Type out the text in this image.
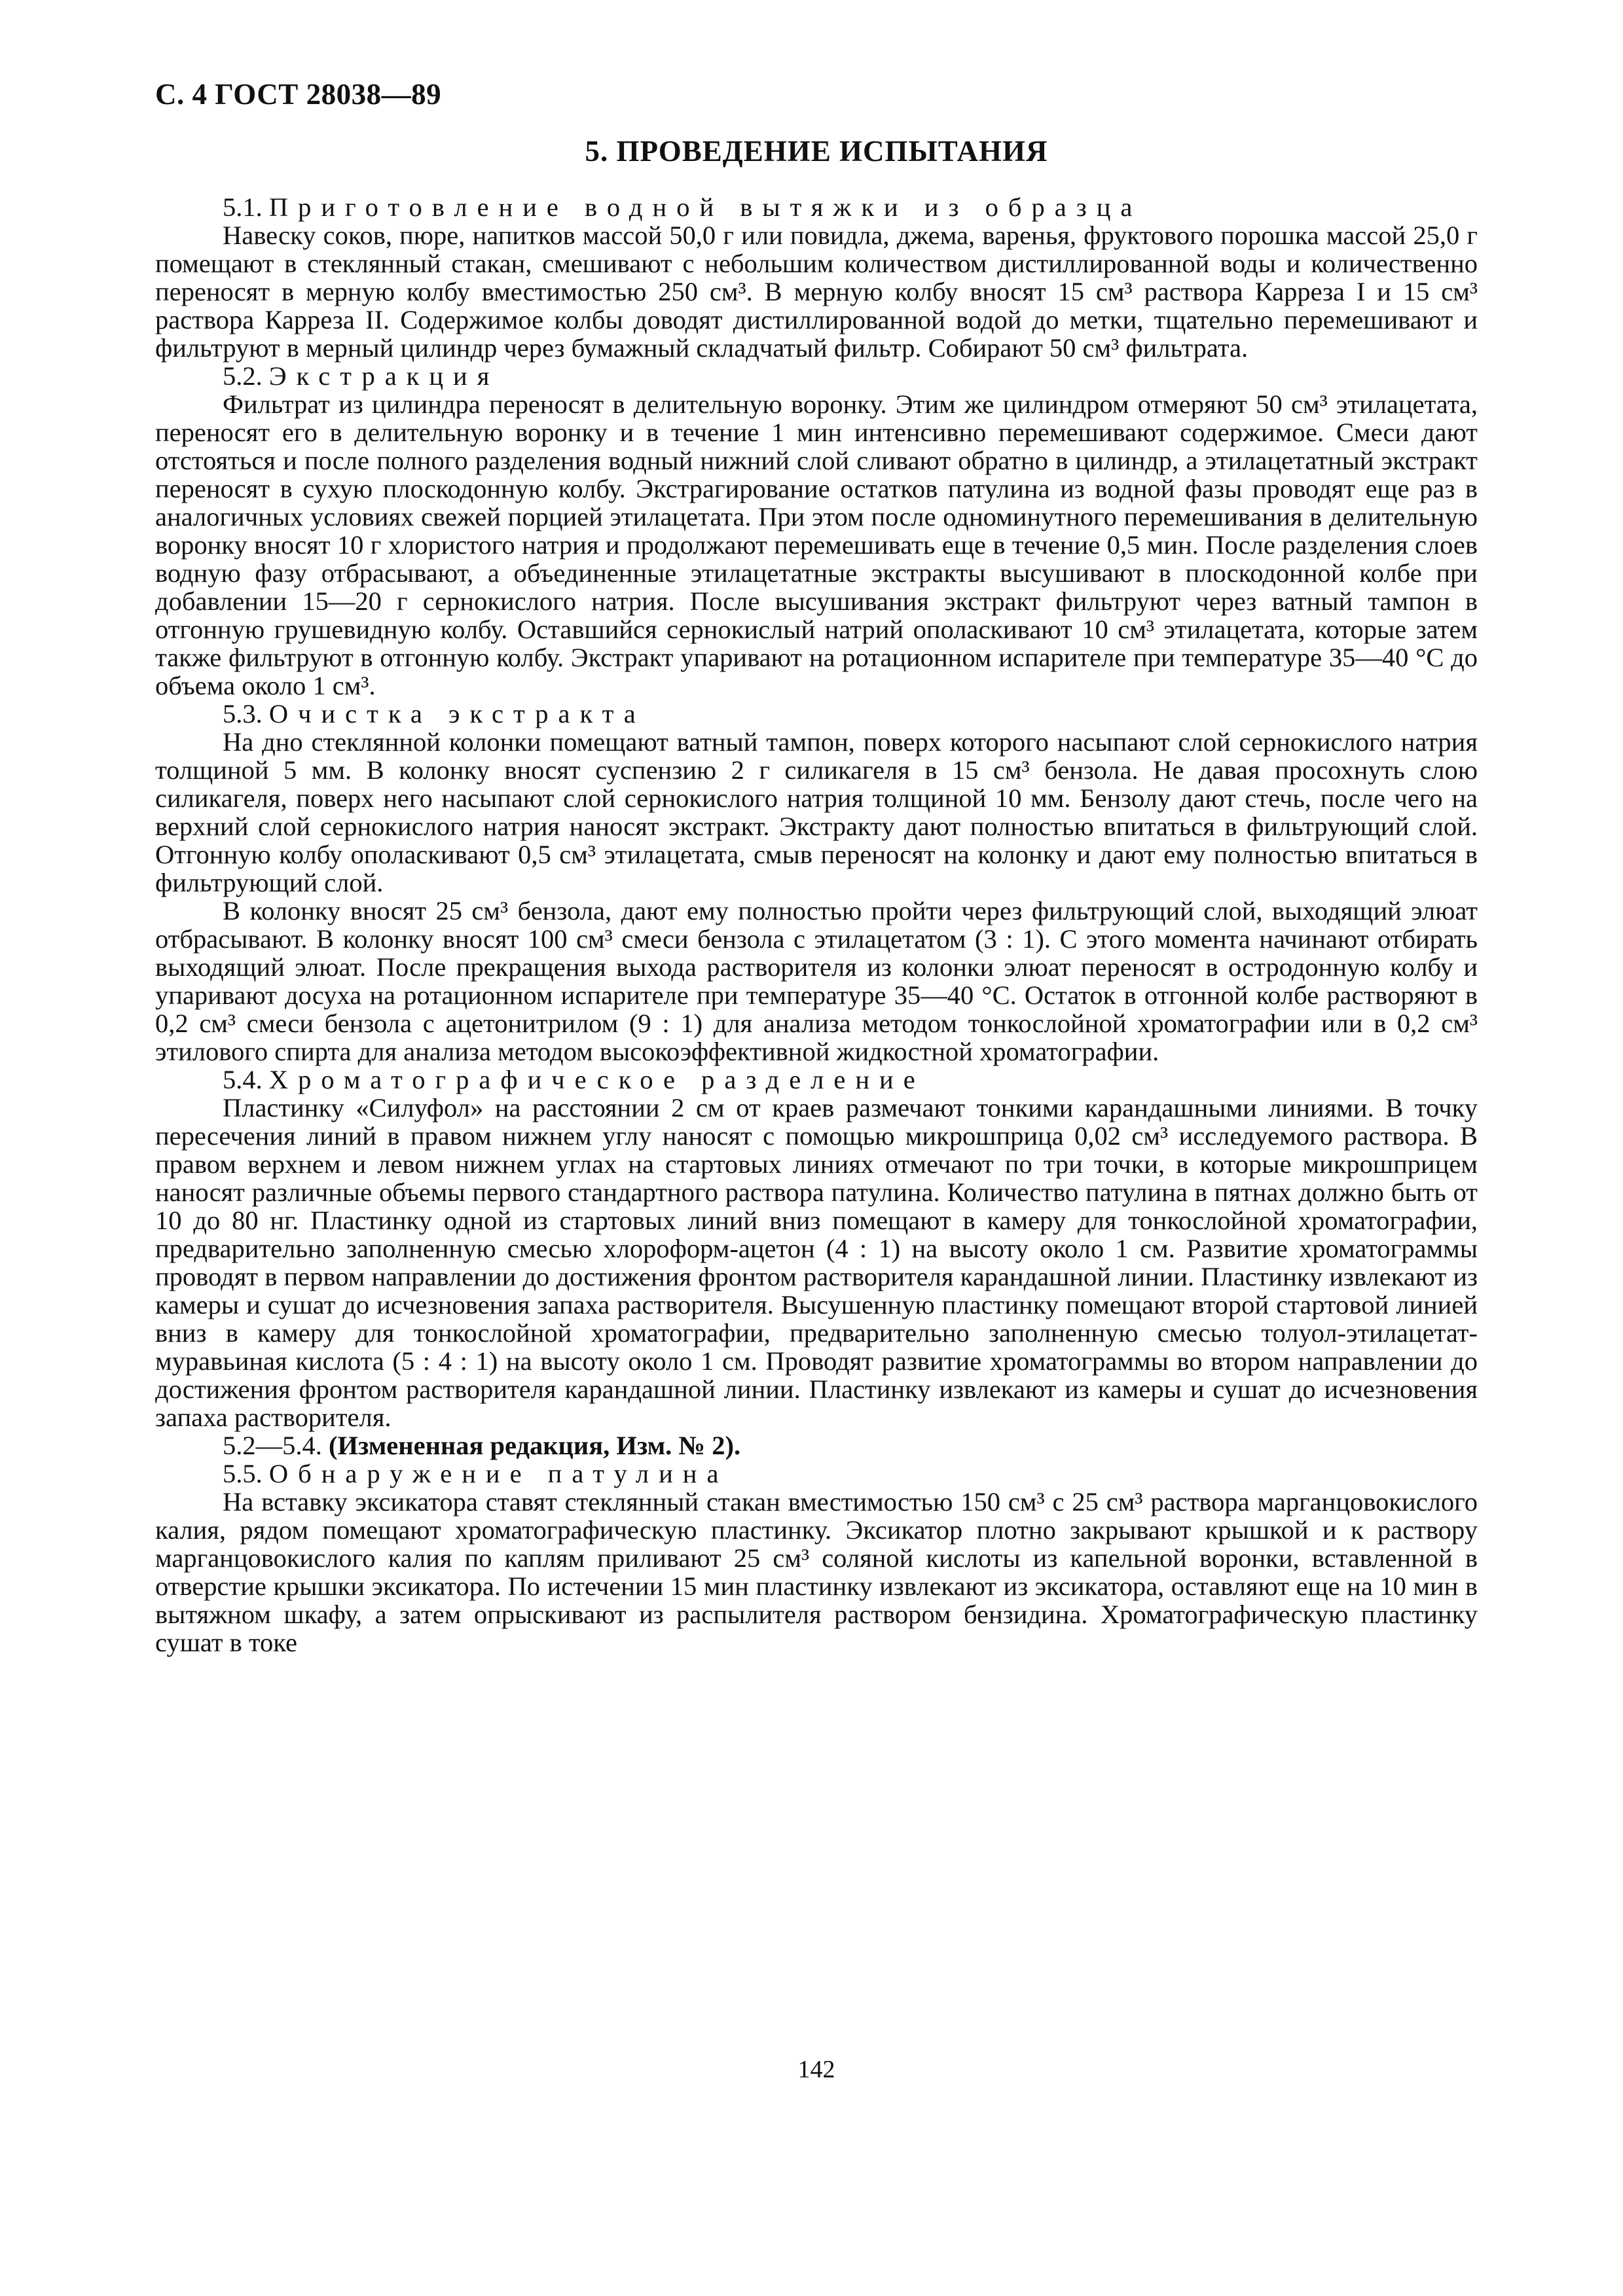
С. 4 ГОСТ 28038—89
5. ПРОВЕДЕНИЕ ИСПЫТАНИЯ

5.1. Приготовление водной вытяжки из образца

Навеску соков, пюре, напитков массой 50,0 г или повидла, джема, варенья, фруктового порошка массой 25,0 г помещают в стеклянный стакан, смешивают с небольшим количеством дистиллированной воды и количественно переносят в мерную колбу вместимостью 250 см³. В мерную колбу вносят 15 см³ раствора Карреза I и 15 см³ раствора Карреза II. Содержимое колбы доводят дистиллированной водой до метки, тщательно перемешивают и фильтруют в мерный цилиндр через бумажный складчатый фильтр. Собирают 50 см³ фильтрата.

5.2. Экстракция

Фильтрат из цилиндра переносят в делительную воронку. Этим же цилиндром отмеряют 50 см³ этилацетата, переносят его в делительную воронку и в течение 1 мин интенсивно перемешивают содержимое. Смеси дают отстояться и после полного разделения водный нижний слой сливают обратно в цилиндр, а этилацетатный экстракт переносят в сухую плоскодонную колбу. Экстрагирование остатков патулина из водной фазы проводят еще раз в аналогичных условиях свежей порцией этилацетата. При этом после одноминутного перемешивания в делительную воронку вносят 10 г хлористого натрия и продолжают перемешивать еще в течение 0,5 мин. После разделения слоев водную фазу отбрасывают, а объединенные этилацетатные экстракты высушивают в плоскодонной колбе при добавлении 15—20 г сернокислого натрия. После высушивания экстракт фильтруют через ватный тампон в отгонную грушевидную колбу. Оставшийся сернокислый натрий ополаскивают 10 см³ этилацетата, которые затем также фильтруют в отгонную колбу. Экстракт упаривают на ротационном испарителе при температуре 35—40 °С до объема около 1 см³.

5.3. Очистка экстракта

На дно стеклянной колонки помещают ватный тампон, поверх которого насыпают слой сернокислого натрия толщиной 5 мм. В колонку вносят суспензию 2 г силикагеля в 15 см³ бензола. Не давая просохнуть слою силикагеля, поверх него насыпают слой сернокислого натрия толщиной 10 мм. Бензолу дают стечь, после чего на верхний слой сернокислого натрия наносят экстракт. Экстракту дают полностью впитаться в фильтрующий слой. Отгонную колбу ополаскивают 0,5 см³ этилацетата, смыв переносят на колонку и дают ему полностью впитаться в фильтрующий слой.

В колонку вносят 25 см³ бензола, дают ему полностью пройти через фильтрующий слой, выходящий элюат отбрасывают. В колонку вносят 100 см³ смеси бензола с этилацетатом (3 : 1). С этого момента начинают отбирать выходящий элюат. После прекращения выхода растворителя из колонки элюат переносят в остродонную колбу и упаривают досуха на ротационном испарителе при температуре 35—40 °С. Остаток в отгонной колбе растворяют в 0,2 см³ смеси бензола с ацетонитрилом (9 : 1) для анализа методом тонкослойной хроматографии или в 0,2 см³ этилового спирта для анализа методом высокоэффективной жидкостной хроматографии.

5.4. Хроматографическое разделение

Пластинку «Силуфол» на расстоянии 2 см от краев размечают тонкими карандашными линиями. В точку пересечения линий в правом нижнем углу наносят с помощью микрошприца 0,02 см³ исследуемого раствора. В правом верхнем и левом нижнем углах на стартовых линиях отмечают по три точки, в которые микрошприцем наносят различные объемы первого стандартного раствора патулина. Количество патулина в пятнах должно быть от 10 до 80 нг. Пластинку одной из стартовых линий вниз помещают в камеру для тонкослойной хроматографии, предварительно заполненную смесью хлороформ-ацетон (4 : 1) на высоту около 1 см. Развитие хроматограммы проводят в первом направлении до достижения фронтом растворителя карандашной линии. Пластинку извлекают из камеры и сушат до исчезновения запаха растворителя. Высушенную пластинку помещают второй стартовой линией вниз в камеру для тонкослойной хроматографии, предварительно заполненную смесью толуол-этилацетат-муравьиная кислота (5 : 4 : 1) на высоту около 1 см. Проводят развитие хроматограммы во втором направлении до достижения фронтом растворителя карандашной линии. Пластинку извлекают из камеры и сушат до исчезновения запаха растворителя.

5.2—5.4. (Измененная редакция, Изм. № 2).

5.5. Обнаружение патулина

На вставку эксикатора ставят стеклянный стакан вместимостью 150 см³ с 25 см³ раствора марганцовокислого калия, рядом помещают хроматографическую пластинку. Эксикатор плотно закрывают крышкой и к раствору марганцовокислого калия по каплям приливают 25 см³ соляной кислоты из капельной воронки, вставленной в отверстие крышки эксикатора. По истечении 15 мин пластинку извлекают из эксикатора, оставляют еще на 10 мин в вытяжном шкафу, а затем опрыскивают из распылителя раствором бензидина. Хроматографическую пластинку сушат в токе

142
